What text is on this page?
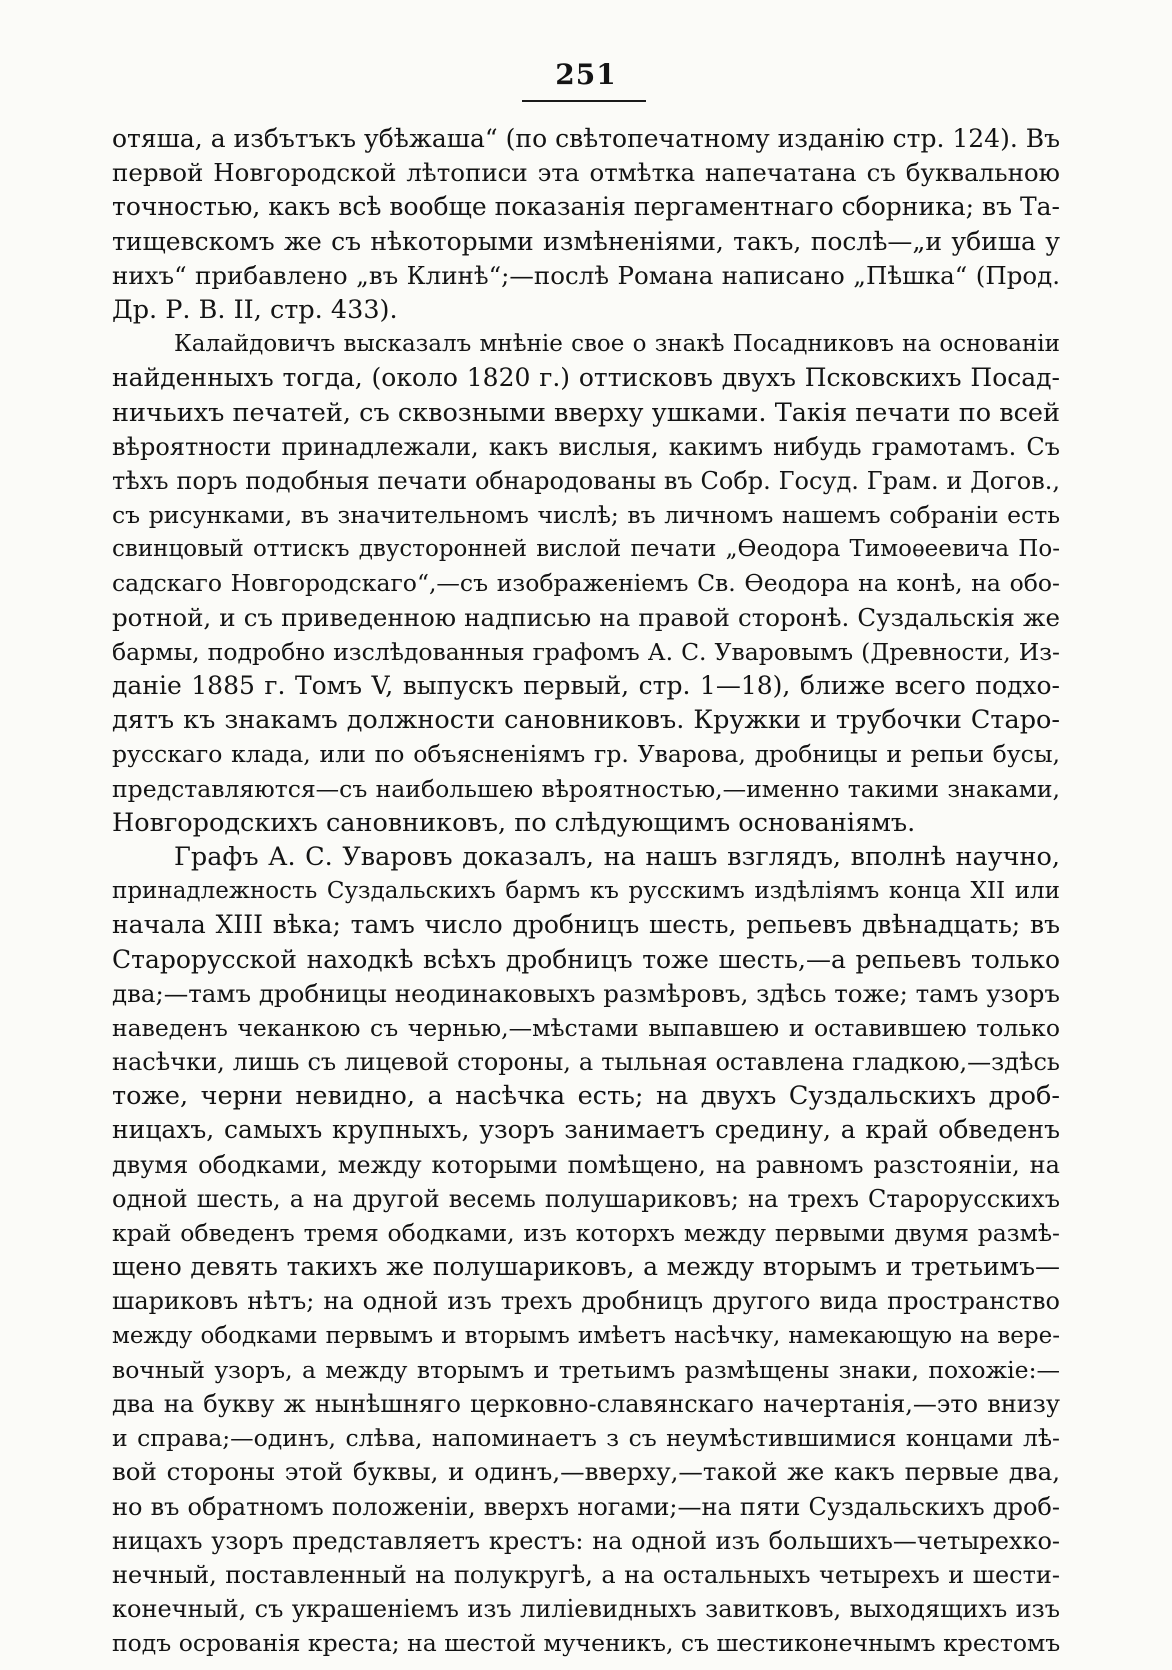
251
отяша, а избътъкъ убѣжаша“ (по свѣтопечатному изданію стр. 124). Въ
первой Новгородской лѣтописи эта отмѣтка напечатана съ буквальною
точностью, какъ вcѣ вообще показанія пергаментнаго сборника; въ Та-
тищевскомъ же съ нѣкоторыми измѣненіями, такъ, послѣ—„и убиша у
нихъ“ прибавлено „въ Клинѣ“;—послѣ Романа написано „Пѣшка“ (Прод.
Др. Р. В. II, стр. 433).
Калайдовичъ высказалъ мнѣніе свое о знакѣ Посадниковъ на основаніи
найденныхъ тогда, (около 1820 г.) оттисковъ двухъ Псковскихъ Посад-
ничьихъ печатей, съ сквозными вверху ушками. Такія печати по всей
вѣроятности принадлежали, какъ вислыя, какимъ нибудь грамотамъ. Съ
тѣхъ поръ подобныя печати обнародованы въ Собр. Госуд. Грам. и Догов.,
съ рисунками, въ значительномъ числѣ; въ личномъ нашемъ собраніи есть
свинцовый оттискъ двусторонней вислой печати „Ѳеодора Тимоѳеевича По-
садскаго Новгородскаго“,—съ изображеніемъ Св. Ѳеодора на конѣ, на обо-
ротной, и съ приведенною надписью на правой сторонѣ. Суздальскія же
бармы, подробно изслѣдованныя графомъ А. С. Уваровымъ (Древности, Из-
даніе 1885 г. Томъ V, выпускъ первый, стр. 1—18), ближе всего подхо-
дятъ къ знакамъ должности сановниковъ. Кружки и трубочки Старо-
русскаго клада, или по объясненіямъ гр. Уварова, дробницы и репьи бусы,
представляются—съ наибольшею вѣроятностью,—именно такими знаками,
Новгородскихъ сановниковъ, по слѣдующимъ основаніямъ.
Графъ А. С. Уваровъ доказалъ, на нашъ взглядъ, вполнѣ научно,
принадлежность Суздальскихъ бармъ къ русскимъ издѣліямъ конца XII или
начала XIII вѣка; тамъ число дробницъ шесть, репьевъ двѣнадцать; въ
Старорусской находкѣ всѣхъ дробницъ тоже шесть,—а репьевъ только
два;—тамъ дробницы неодинаковыхъ размѣровъ, здѣсь тоже; тамъ узоръ
наведенъ чеканкою съ чернью,—мѣстами выпавшею и оставившею только
насѣчки, лишь съ лицевой стороны, а тыльная оставлена гладкою,—здѣсь
тоже, черни невидно, а насѣчка есть; на двухъ Суздальскихъ дроб-
ницахъ, самыхъ крупныхъ, узоръ занимаетъ средину, а край обведенъ
двумя ободками, между которыми помѣщено, на равномъ разстояніи, на
одной шесть, а на другой весемь полушариковъ; на трехъ Старорусскихъ
край обведенъ тремя ободками, изъ которхъ между первыми двумя размѣ-
щено девять такихъ же полушариковъ, а между вторымъ и третьимъ—
шариковъ нѣтъ; на одной изъ трехъ дробницъ другого вида пространство
между ободками первымъ и вторымъ имѣетъ насѣчку, намекающую на вере-
вочный узоръ, а между вторымъ и третьимъ размѣщены знаки, похожіе:—
два на букву ж нынѣшняго церковно-славянскаго начертанія,—это внизу
и справа;—одинъ, слѣва, напоминаетъ з съ неумѣстившимися концами лѣ-
вой стороны этой буквы, и одинъ,—вверху,—такой же какъ первые два,
но въ обратномъ положеніи, вверхъ ногами;—на пяти Суздальскихъ дроб-
ницахъ узоръ представляетъ крестъ: на одной изъ большихъ—четырехко-
нечный, поставленный на полукругѣ, а на остальныхъ четырехъ и шести-
конечный, съ украшеніемъ изъ лиліевидныхъ завитковъ, выходящихъ изъ
подъ осрованія креста; на шестой мученикъ, съ шестиконечнымъ крестомъ
